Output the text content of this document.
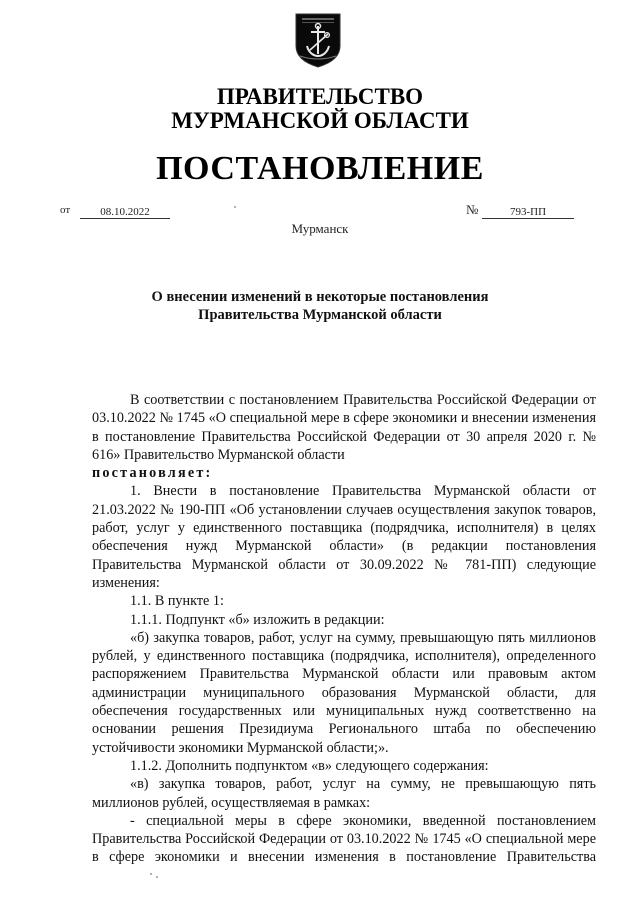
ПРАВИТЕЛЬСТВО
МУРМАНСКОЙ ОБЛАСТИ
ПОСТАНОВЛЕНИЕ
от	08.10.2022	№	793-ПП
Мурманск
О внесении изменений в некоторые постановления Правительства Мурманской области

В соответствии с постановлением Правительства Российской Федерации от 03.10.2022 № 1745 «О специальной мере в сфере экономики и внесении изменения в постановление Правительства Российской Федерации от 30 апреля 2020 г. № 616» Правительство Мурманской области

постановляет:

1. Внести в постановление Правительства Мурманской области от 21.03.2022 № 190-ПП «Об установлении случаев осуществления закупок товаров, работ, услуг у единственного поставщика (подрядчика, исполнителя) в целях обеспечения нужд Мурманской области» (в редакции постановления Правительства Мурманской области от 30.09.2022 № 781-ПП) следующие изменения:

1.1. В пункте 1:

1.1.1. Подпункт «б» изложить в редакции:

«б) закупка товаров, работ, услуг на сумму, превышающую пять миллионов рублей, у единственного поставщика (подрядчика, исполнителя), определенного распоряжением Правительства Мурманской области или правовым актом администрации муниципального образования Мурманской области, для обеспечения государственных или муниципальных нужд соответственно на основании решения Президиума Регионального штаба по обеспечению устойчивости экономики Мурманской области;».

1.1.2. Дополнить подпунктом «в» следующего содержания:

«в) закупка товаров, работ, услуг на сумму, не превышающую пять миллионов рублей, осуществляемая в рамках:

- специальной меры в сфере экономики, введенной постановлением Правительства Российской Федерации от 03.10.2022 № 1745 «О специальной мере в сфере экономики и внесении изменения в постановление Правительства
